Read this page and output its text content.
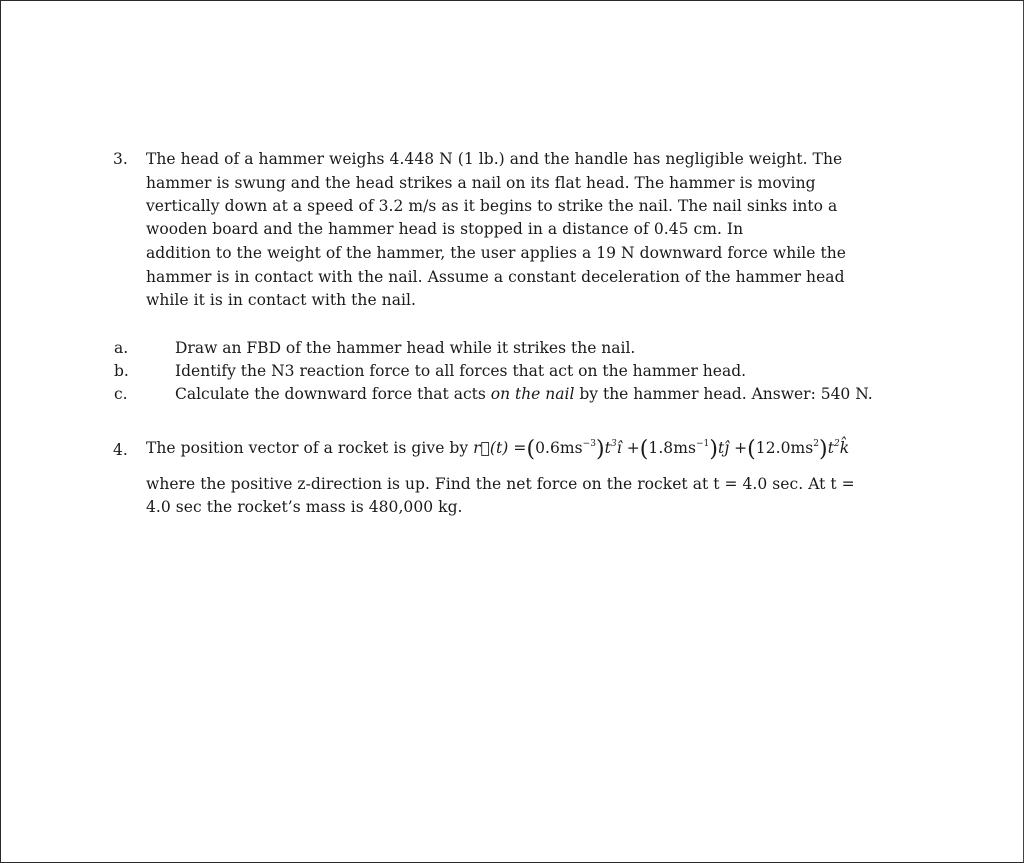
3. The head of a hammer weighs 4.448 N (1 lb.) and the handle has negligible weight. The
hammer is swung and the head strikes a nail on its flat head. The hammer is moving
vertically down at a speed of 3.2 m/s as it begins to strike the nail. The nail sinks into a
wooden board and the hammer head is stopped in a distance of 0.45 cm. In
addition to the weight of the hammer, the user applies a 19 N downward force while the
hammer is in contact with the nail. Assume a constant deceleration of the hammer head
while it is in contact with the nail.
a.	Draw an FBD of the hammer head while it strikes the nail.
b.	Identify the N3 reaction force to all forces that act on the hammer head.
c.	Calculate the downward force that acts on the nail by the hammer head. Answer: 540 N.
4. The position vector of a rocket is give by r⃗(t) $=(0.6ms^{-3})t^3î$ $+(1.8ms^{-1})tĵ$ $+(12.0ms^2)t^2k̂$
where the positive z-direction is up. Find the net force on the rocket at t = 4.0 sec. At t =
4.0 sec the rocket’s mass is 480,000 kg.
